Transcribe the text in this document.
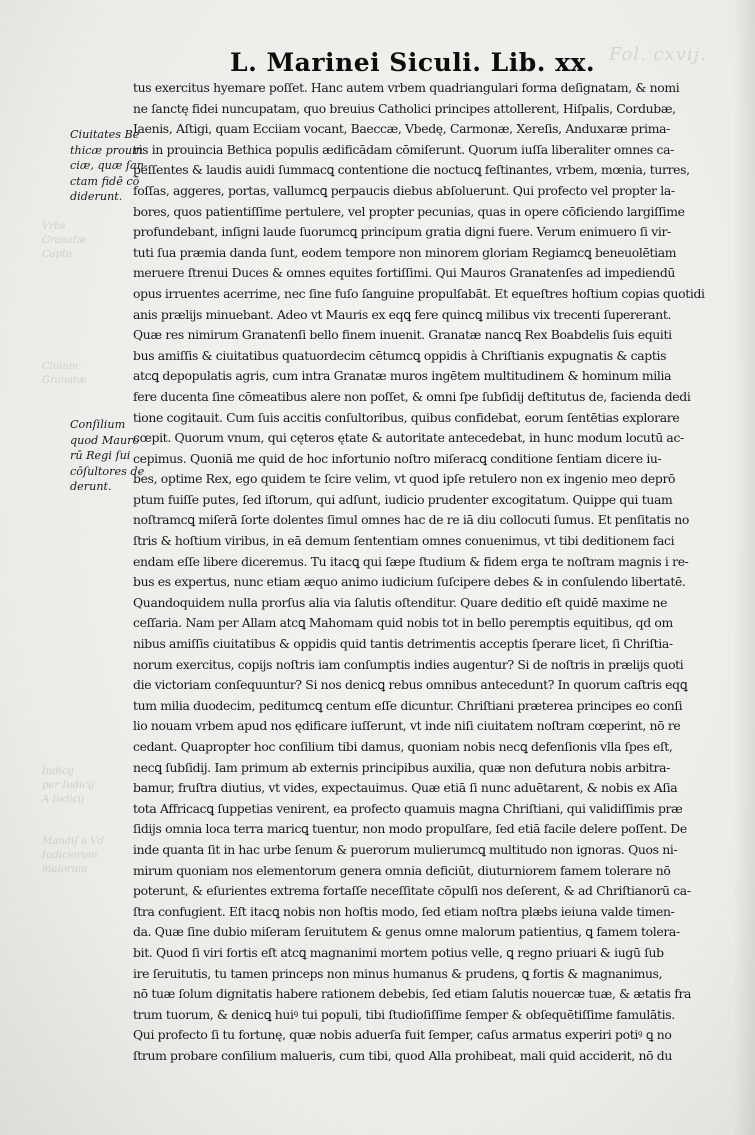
Fol. cxvij.
L. Marinei Siculi. Lib. xx.
Ciuitates Be
thicæ prouin
ciæ, quæ ſan-
ctam fidē cō
diderunt.
Conſilium
quod Mauro
rū Regi ſui
cōſultores de
derunt.
Vrbs
Granatæ
Capta
Ciuium
Granatæ
Iudicij
per Iudicij
A Iudicij
Mandiſ a Vd
Iudiciorum
malorum
tus exercitus hyemare poſſet. Hanc autem vrbem quadriangulari forma deſignatam, & nomi
ne ſanctę fidei nuncupatam, quo breuius Catholici principes attollerent, Hiſpalis, Cordubæ,
Iaenis, Aſtigi, quam Ecciiam vocant, Baeccæ, Vbedę, Carmonæ, Xereſis, Anduxaræ prima-
ris in prouincia Bethica populis ædificādam cōmiſerunt. Quorum iuſſa liberaliter omnes ca-
peſſentes & laudis auidi ſummacꝗ contentione die noctucꝗ feſtinantes, vrbem, mœnia, turres,
foſſas, aggeres, portas, vallumcꝗ perpaucis diebus abſoluerunt. Qui profecto vel propter la-
bores, quos patientiſſime pertulere, vel propter pecunias, quas in opere cōficiendo largiſſime
profundebant, inſigni laude ſuorumcꝗ principum gratia digni fuere. Verum enimuero ſi vir-
tuti ſua præmia danda ſunt, eodem tempore non minorem gloriam Regiamcꝗ beneuolētiam
meruere ſtrenui Duces & omnes equites fortiſſimi. Qui Mauros Granatenſes ad impediendū
opus irruentes acerrime, nec ſine fuſo ſanguine propulſabāt. Et equeſtres hoſtium copias quotidi
anis prælijs minuebant. Adeo vt Mauris ex eqꝗ fere quincꝗ milibus vix trecenti ſupererant.
Quæ res nimirum Granatenſi bello finem inuenit. Granatæ nancꝗ Rex Boabdelis ſuis equiti
bus amiſſis & ciuitatibus quatuordecim cētumcꝗ oppidis à Chriſtianis expugnatis & captis
atcꝗ depopulatis agris, cum intra Granatæ muros ingētem multitudinem & hominum milia
fere ducenta ſine cōmeatibus alere non poſſet, & omni ſpe ſubſidij deſtitutus de, facienda dedi
tione cogitauit. Cum ſuis accitis conſultoribus, quibus confidebat, eorum ſentētias explorare
cœpit. Quorum vnum, qui cęteros ętate & autoritate antecedebat, in hunc modum locutū ac-
cepimus. Quoniā me quid de hoc infortunio noſtro miſeracꝗ conditione ſentiam dicere iu-
bes, optime Rex, ego quidem te ſcire velim, vt quod ipſe retulero non ex ingenio meo deprō
ptum fuiſſe putes, ſed iſtorum, qui adſunt, iudicio prudenter excogitatum. Quippe qui tuam
noſtramcꝗ miſerā ſorte dolentes ſimul omnes hac de re iā diu collocuti ſumus. Et penſitatis no
ſtris & hoſtium viribus, in eā demum ſententiam omnes conuenimus, vt tibi deditionem faci
endam eſſe libere diceremus. Tu itacꝗ qui ſæpe ſtudium & fidem erga te noſtram magnis i re-
bus es expertus, nunc etiam æquo animo iudicium ſuſcipere debes & in conſulendo libertatē.
Quandoquidem nulla prorſus alia via ſalutis oſtenditur. Quare deditio eſt quidē maxime ne
ceſſaria. Nam per Allam atcꝗ Mahomam quid nobis tot in bello peremptis equitibus, qd om
nibus amiſſis ciuitatibus & oppidis quid tantis detrimentis acceptis ſperare licet, ſi Chriſtia-
norum exercitus, copijs noſtris iam conſumptis indies augentur? Si de noſtris in prælijs quoti
die victoriam conſequuntur? Si nos denicꝗ rebus omnibus antecedunt? In quorum caſtris eqꝗ
tum milia duodecim, peditumcꝗ centum eſſe dicuntur. Chriſtiani præterea principes eo conſi
lio nouam vrbem apud nos ędificare iuſſerunt, vt inde niſi ciuitatem noſtram cœperint, nō re
cedant. Quapropter hoc conſilium tibi damus, quoniam nobis necꝗ defenſionis vlla ſpes eſt,
necꝗ ſubſidij. Iam primum ab externis principibus auxilia, quæ non defutura nobis arbitra-
bamur, fruſtra diutius, vt vides, expectauimus. Quæ etiā ſi nunc aduētarent, & nobis ex Aſia
tota Affricacꝗ ſuppetias venirent, ea profecto quamuis magna Chriſtiani, qui validiſſimis præ
ſidijs omnia loca terra maricꝗ tuentur, non modo propulſare, ſed etiā facile delere poſſent. De
inde quanta ſit in hac urbe ſenum & puerorum mulierumcꝗ multitudo non ignoras. Quos ni-
mirum quoniam nos elementorum genera omnia deficiūt, diuturniorem famem tolerare nō
poterunt, & eſurientes extrema fortaſſe neceſſitate cōpulſi nos deſerent, & ad Chriſtianorū ca-
ſtra confugient. Eſt itacꝗ nobis non hoſtis modo, ſed etiam noſtra plæbs ieiuna valde timen-
da. Quæ ſine dubio miſeram ſeruitutem & genus omne malorum patientius, ꝗ famem tolera-
bit. Quod ſi viri fortis eſt atcꝗ magnanimi mortem potius velle, ꝗ regno priuari & iugū ſub
ire ſeruitutis, tu tamen princeps non minus humanus & prudens, ꝗ fortis & magnanimus,
nō tuæ ſolum dignitatis habere rationem debebis, ſed etiam ſalutis nouercæ tuæ, & ætatis fra
trum tuorum, & denicꝗ huiꝰ tui populi, tibi ſtudioſiſſime ſemper & obſequētiſſime famulātis.
Qui profecto ſi tu fortunę, quæ nobis aduerſa fuit ſemper, caſus armatus experiri potiꝰ ꝗ no
ſtrum probare conſilium malueris, cum tibi, quod Alla prohibeat, mali quid acciderit, nō du
